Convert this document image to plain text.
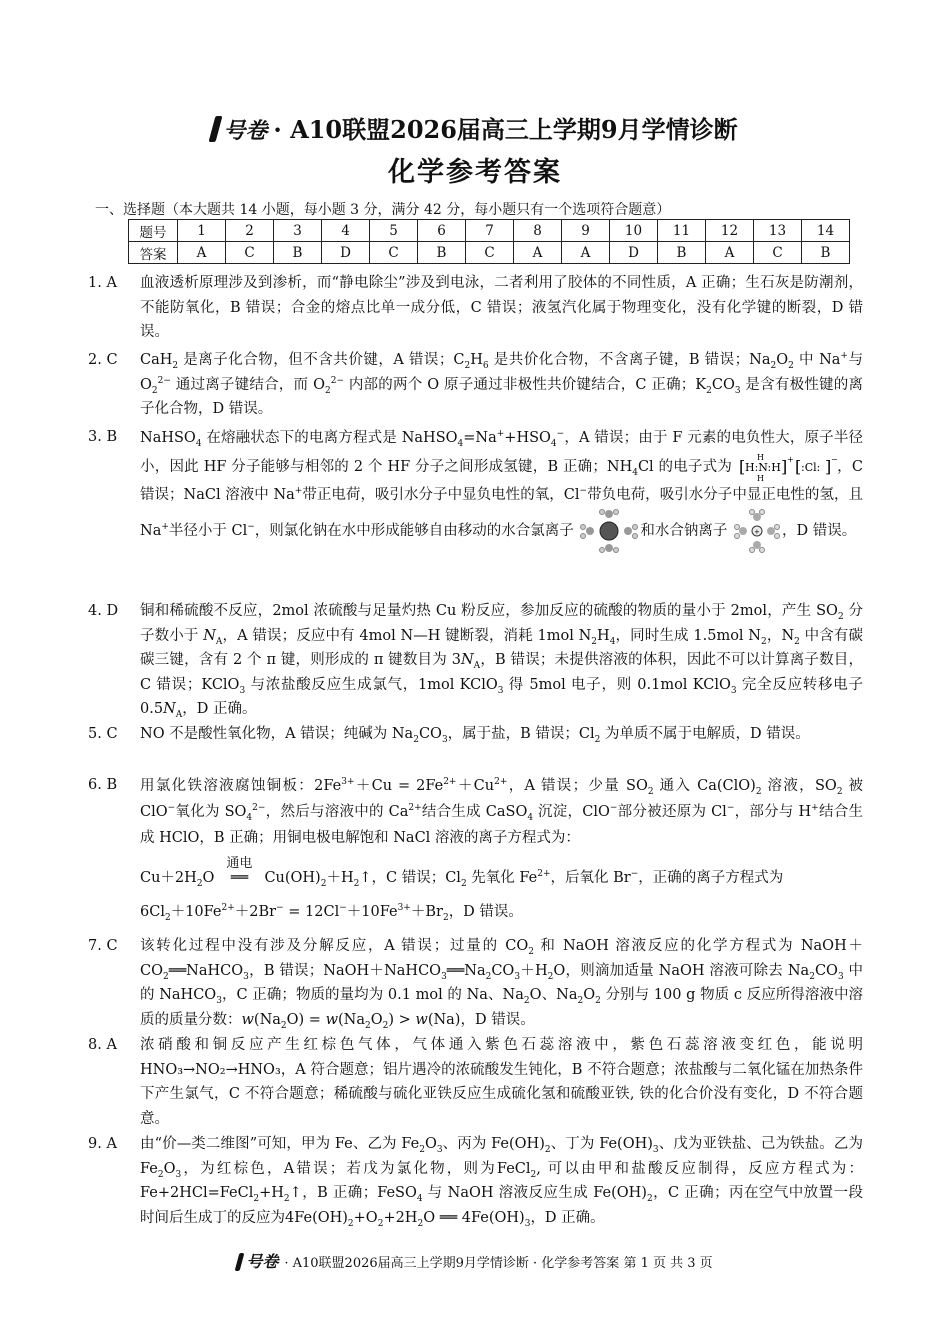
号卷 · A10联盟2026届高三上学期9月学情诊断
化学参考答案
一、选择题（本大题共 14 小题，每小题 3 分，满分 42 分，每小题只有一个选项符合题意）
题号	1	2	3	4	5	6	7	8	9	10	11	12	13	14
答案	A	C	B	D	C	B	C	A	A	D	B	A	C	B
1. A	血液透析原理涉及到渗析，而“静电除尘”涉及到电泳，二者利用了胶体的不同性质，A 正确；生石灰是防潮剂，不能防氧化，B 错误；合金的熔点比单一成分低，C 错误；液氢汽化属于物理变化，没有化学键的断裂，D 错误。
2. C	CaH$_2$ 是离子化合物，但不含共价键，A 错误；$C_2H_6$ 是共价化合物，不含离子键，B 错误；$Na_2O_2$ 中 Na+与 $O_2^{2-}$ 通过离子键结合，而 $O_2^{2-}$ 内部的两个 O 原子通过非极性共价键结合，C 正确；$K_2CO_3$ 是含有极性键的离子化合物，D 错误。
3. B	NaHSO$_4$ 在熔融状态下的电离方程式是 $NaHSO_4=Na^++HSO_4^-$，A 错误；由于 F 元素的电负性大，原子半径小，因此 HF 分子能够与相邻的 2 个 HF 分子之间形成氢键，B 正确；$NH_4Cl$ 的电子式为 [ H:N:H
H
H
] + [ :Cl: ] − ，C 错误；NaCl 溶液中 Na+带正电荷，吸引水分子中显负电性的氧，Cl−带负电荷，吸引水分子中显正电性的氢，且 Na+半径小于 Cl−，则氯化钠在水中形成能够自由移动的水合氯离子	和水合钠离子	+ ，D 错误。
4. D	铜和稀硫酸不反应，2mol 浓硫酸与足量灼热 Cu 粉反应，参加反应的硫酸的物质的量小于 2mol，产生 $SO_2$ 分子数小于 $N_A$，A 错误；反应中有 4mol N—H 键断裂，消耗 1mol $N_2H_4$，同时生成 1.5mol $N_2$，$N_2$ 中含有碳碳三键，含有 2 个 π 键，则形成的 π 键数目为 $3N_A$，B 错误；未提供溶液的体积，因此不可以计算离子数目，C 错误；KClO$_3$ 与浓盐酸反应生成氯气，1mol KClO$_3$ 得 5mol 电子，则 0.1mol KClO$_3$ 完全反应转移电子 $0.5N_A$，D 正确。
5. C	NO 不是酸性氧化物，A 错误；纯碱为 $Na_2CO_3$，属于盐，B 错误；$Cl_2$ 为单质不属于电解质，D 错误。
6. B	用氯化铁溶液腐蚀铜板：$2Fe^{3+}+Cu = 2Fe^{2+}+Cu^{2+}$，A 错误；少量 $SO_2$ 通入 $Ca(ClO)_2$ 溶液，$SO_2$ 被 ClO−氧化为 $SO_4^{2-}$，然后与溶液中的 $Ca^{2+}$结合生成 CaSO$_4$ 沉淀，ClO−部分被还原为 Cl−，部分与 H+结合生成 HClO，B 正确；用铜电极电解饱和 NaCl 溶液的离子方程式为：
$Cu+2H_2O$
通电
══ $Cu(OH)_2+H_2↑$，C 错误；$Cl_2$ 先氧化 $Fe^{2+}$，后氧化 Br−，正确的离子方程式为
$6Cl_2+10Fe^{2+}+2Br^- = 12Cl^-+10Fe^{3+}+Br_2$，D 错误。
7. C	该转化过程中没有涉及分解反应，A 错误；过量的 $CO_2$ 和 NaOH 溶液反应的化学方程式为 $NaOH+CO_2══NaHCO_3$，B 错误；$NaOH+NaHCO_3══Na_2CO_3+H_2O$，则滴加适量 NaOH 溶液可除去 $Na_2CO_3$ 中的 NaHCO$_3$，C 正确；物质的量均为 0.1 mol 的 Na、$Na_2O$、$Na_2O_2$ 分别与 100 g 物质 c 反应所得溶液中溶质的质量分数：$w(Na_2O) = w(Na_2O_2) > w(Na)$，D 错误。
8. A	浓硝酸和铜反应产生红棕色气体，气体通入紫色石蕊溶液中，紫色石蕊溶液变红色，能说明 HNO₃→NO₂→HNO₃，A 符合题意；铝片遇冷的浓硫酸发生钝化，B 不符合题意；浓盐酸与二氧化锰在加热条件下产生氯气，C 不符合题意；稀硫酸与硫化亚铁反应生成硫化氢和硫酸亚铁, 铁的化合价没有变化，D 不符合题意。
9. A	由“价—类二维图”可知，甲为 Fe、乙为 $Fe_2O_3$、丙为 $Fe(OH)_2$、丁为 $Fe(OH)_3$、戊为亚铁盐、己为铁盐。乙为$Fe_2O_3$，为红棕色，A错误；若戊为氯化物，则为FeCl$_2$, 可以由甲和盐酸反应制得，反应方程式为：$Fe+2HCl=FeCl_2+H_2↑$，B 正确；FeSO$_4$ 与 NaOH 溶液反应生成 $Fe(OH)_2$，C 正确；丙在空气中放置一段时间后生成丁的反应为$4Fe(OH)_2+O_2+2H_2O$ ══ $4Fe(OH)_3$，D 正确。
号卷 · A10联盟2026届高三上学期9月学情诊断 · 化学参考答案 第 1 页 共 3 页
